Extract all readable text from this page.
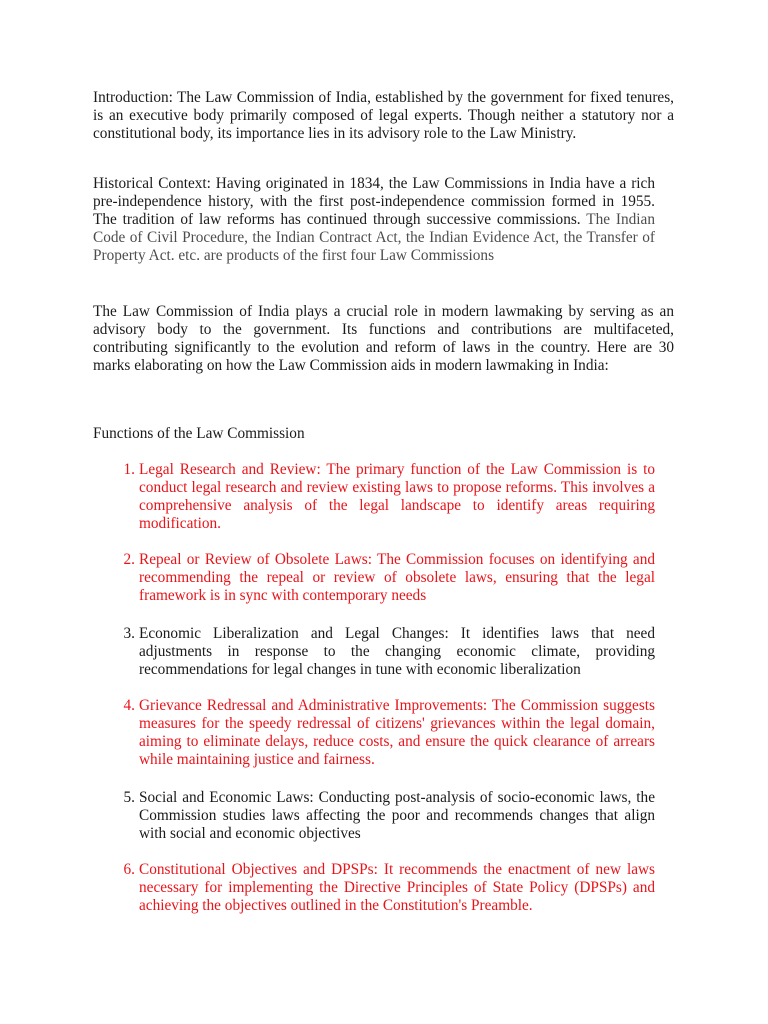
Introduction: The Law Commission of India, established by the government for fixed tenures, is an executive body primarily composed of legal experts. Though neither a statutory nor a constitutional body, its importance lies in its advisory role to the Law Ministry.

Historical Context: Having originated in 1834, the Law Commissions in India have a rich pre-independence history, with the first post-independence commission formed in 1955. The tradition of law reforms has continued through successive commissions. The Indian Code of Civil Procedure, the Indian Contract Act, the Indian Evidence Act, the Transfer of Property Act. etc. are products of the first four Law Commissions

The Law Commission of India plays a crucial role in modern lawmaking by serving as an advisory body to the government. Its functions and contributions are multifaceted, contributing significantly to the evolution and reform of laws in the country. Here are 30 marks elaborating on how the Law Commission aids in modern lawmaking in India:

Functions of the Law Commission

1. Legal Research and Review: The primary function of the Law Commission is to conduct legal research and review existing laws to propose reforms. This involves a comprehensive analysis of the legal landscape to identify areas requiring modification.
2. Repeal or Review of Obsolete Laws: The Commission focuses on identifying and recommending the repeal or review of obsolete laws, ensuring that the legal framework is in sync with contemporary needs
3. Economic Liberalization and Legal Changes: It identifies laws that need adjustments in response to the changing economic climate, providing recommendations for legal changes in tune with economic liberalization
4. Grievance Redressal and Administrative Improvements: The Commission suggests measures for the speedy redressal of citizens' grievances within the legal domain, aiming to eliminate delays, reduce costs, and ensure the quick clearance of arrears while maintaining justice and fairness.
5. Social and Economic Laws: Conducting post-analysis of socio-economic laws, the Commission studies laws affecting the poor and recommends changes that align with social and economic objectives
6. Constitutional Objectives and DPSPs: It recommends the enactment of new laws necessary for implementing the Directive Principles of State Policy (DPSPs) and achieving the objectives outlined in the Constitution's Preamble.
